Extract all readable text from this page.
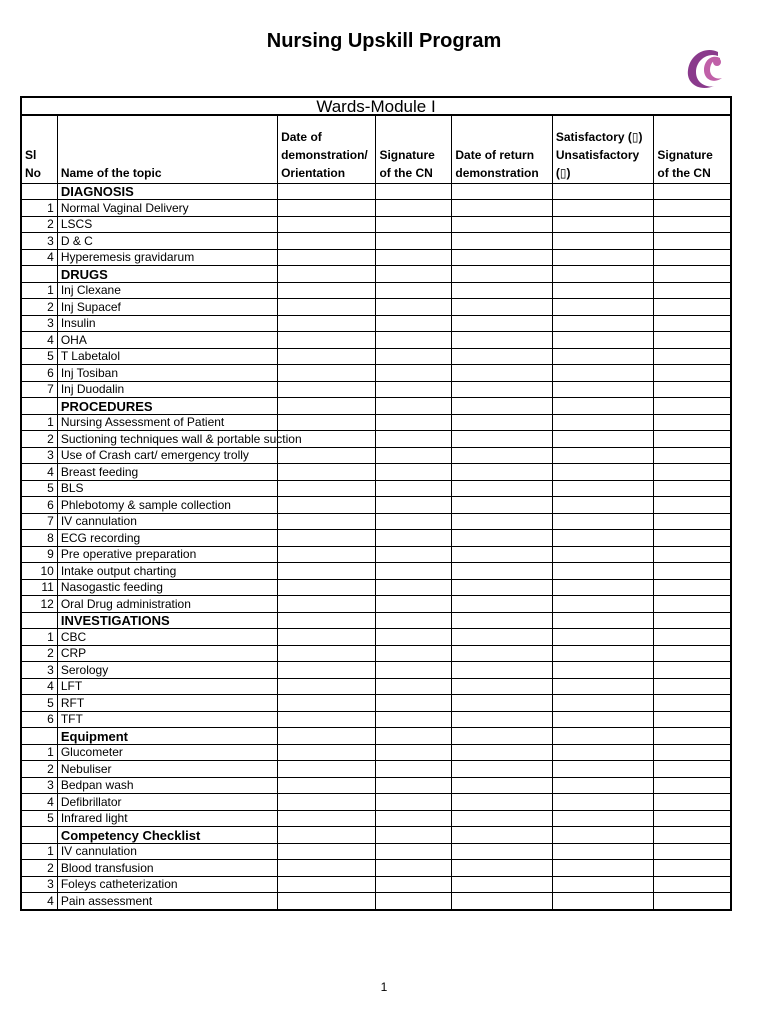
Nursing Upskill Program
Wards-Module I						
Sl No	Name of the topic	Date of demonstration/ Orientation	Signature of the CN	Date of return demonstration	Satisfactory (▯) Unsatisfactory (▯)	Signature of the CN
	DIAGNOSIS					
1	Normal Vaginal Delivery					
2	LSCS					
3	D & C					
4	Hyperemesis gravidarum					
	DRUGS					
1	Inj Clexane					
2	Inj Supacef					
3	Insulin					
4	OHA					
5	T Labetalol					
6	Inj Tosiban					
7	Inj Duodalin					
	PROCEDURES					
1	Nursing Assessment of Patient					
2	Suctioning techniques wall & portable suction					
3	Use of Crash cart/ emergency trolly					
4	Breast feeding					
5	BLS					
6	Phlebotomy & sample collection					
7	IV cannulation					
8	ECG recording					
9	Pre operative preparation					
10	Intake output charting					
11	Nasogastic feeding					
12	Oral Drug administration					
	INVESTIGATIONS					
1	CBC					
2	CRP					
3	Serology					
4	LFT					
5	RFT					
6	TFT					
	Equipment					
1	Glucometer					
2	Nebuliser					
3	Bedpan wash					
4	Defibrillator					
5	Infrared light					
	Competency Checklist					
1	IV cannulation					
2	Blood transfusion					
3	Foleys catheterization					
4	Pain assessment					
1
